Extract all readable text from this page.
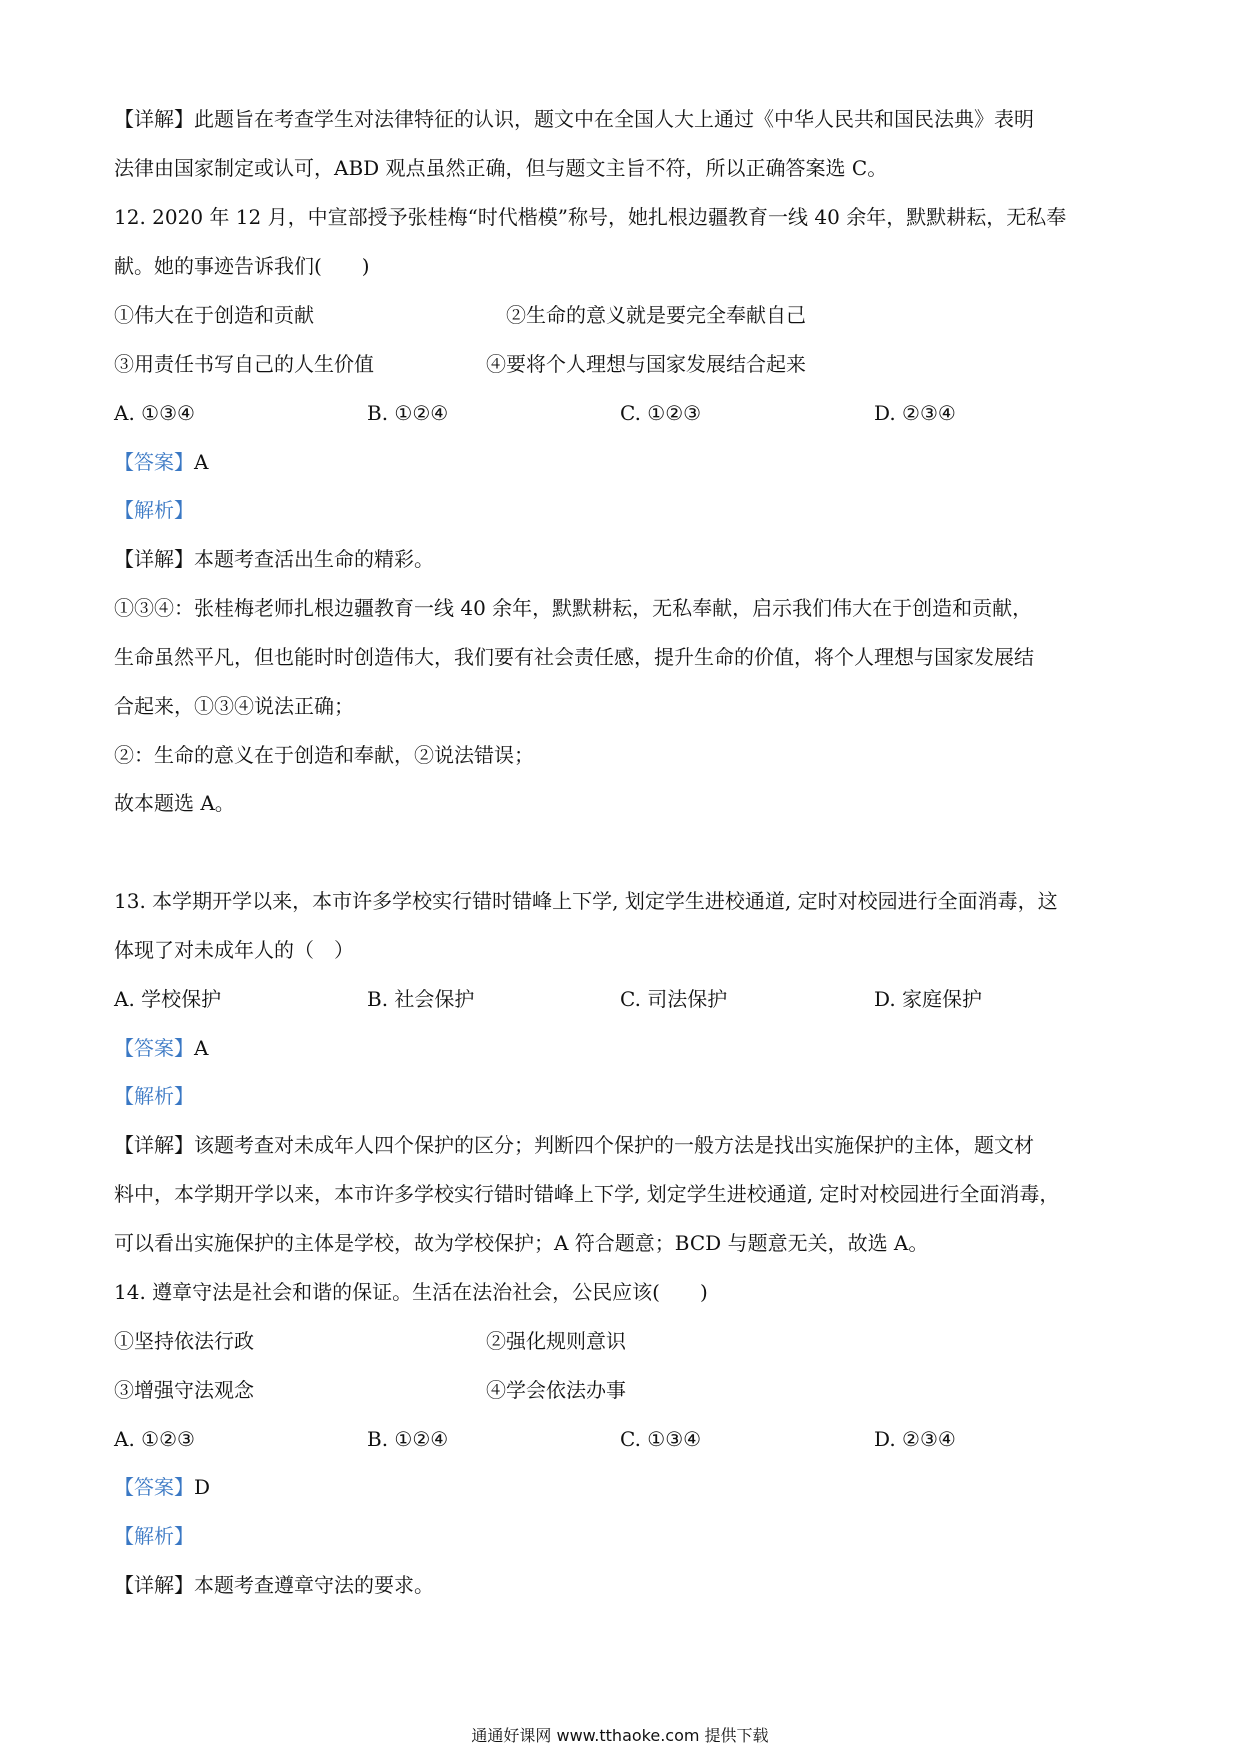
【详解】此题旨在考查学生对法律特征的认识，题文中在全国人大上通过《中华人民共和国民法典》表明
法律由国家制定或认可，ABD 观点虽然正确，但与题文主旨不符，所以正确答案选 C。
12. 2020 年 12 月，中宣部授予张桂梅“时代楷模”称号，她扎根边疆教育一线 40 余年，默默耕耘，无私奉
献。她的事迹告诉我们(　　)
①伟大在于创造和贡献	②生命的意义就是要完全奉献自己
③用责任书写自己的人生价值	④要将个人理想与国家发展结合起来
A. ①③④	B. ①②④	C. ①②③	D. ②③④
【答案】A
【解析】
【详解】本题考查活出生命的精彩。
①③④：张桂梅老师扎根边疆教育一线 40 余年，默默耕耘，无私奉献，启示我们伟大在于创造和贡献，
生命虽然平凡，但也能时时创造伟大，我们要有社会责任感，提升生命的价值，将个人理想与国家发展结
合起来，①③④说法正确；
②：生命的意义在于创造和奉献，②说法错误；
故本题选 A。
13. 本学期开学以来，本市许多学校实行错时错峰上下学, 划定学生进校通道, 定时对校园进行全面消毒，这
体现了对未成年人的（　）
A. 学校保护	B. 社会保护	C. 司法保护	D. 家庭保护
【答案】A
【解析】
【详解】该题考查对未成年人四个保护的区分；判断四个保护的一般方法是找出实施保护的主体，题文材
料中，本学期开学以来，本市许多学校实行错时错峰上下学, 划定学生进校通道, 定时对校园进行全面消毒，
可以看出实施保护的主体是学校，故为学校保护；A 符合题意；BCD 与题意无关，故选 A。
14. 遵章守法是社会和谐的保证。生活在法治社会，公民应该(　　)
①坚持依法行政	②强化规则意识
③增强守法观念	④学会依法办事
A. ①②③	B. ①②④	C. ①③④	D. ②③④
【答案】D
【解析】
【详解】本题考查遵章守法的要求。
通通好课网 www.tthaoke.com 提供下载
